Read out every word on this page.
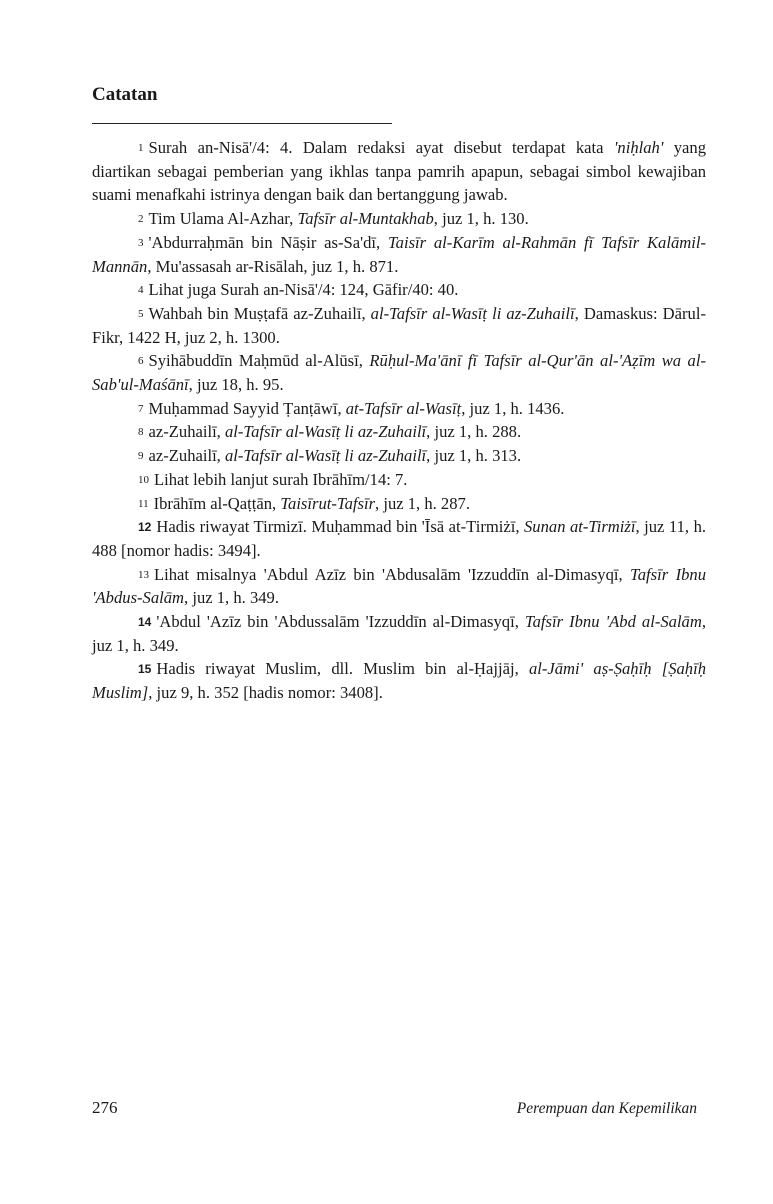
Catatan

$^1$ Surah an-Nisā'/4: 4. Dalam redaksi ayat disebut terdapat kata 'niḥlah' yang diartikan sebagai pemberian yang ikhlas tanpa pamrih apapun, sebagai simbol kewajiban suami menafkahi istrinya dengan baik dan bertanggung jawab.

$^2$ Tim Ulama Al-Azhar, Tafsīr al-Muntakhab, juz 1, h. 130.

$^3$ 'Abdurraḥmān bin Nāṣir as-Sa'dī, Taisīr al-Karīm al-Rahmān fī Tafsīr Kalāmil-Mannān, Mu'assasah ar-Risālah, juz 1, h. 871.

$^4$ Lihat juga Surah an-Nisā'/4: 124, Gāfir/40: 40.

$^5$ Wahbah bin Muṣṭafā az-Zuhailī, al-Tafsīr al-Wasīṭ li az-Zuhailī, Damaskus: Dārul-Fikr, 1422 H, juz 2, h. 1300.

$^6$ Syihābuddīn Maḥmūd al-Alūsī, Rūḥul-Ma'ānī fī Tafsīr al-Qur'ān al-'Aẓīm wa al-Sab'ul-Maśānī, juz 18, h. 95.

$^7$ Muḥammad Sayyid Ṭanṭāwī, at-Tafsīr al-Wasīṭ, juz 1, h. 1436.

$^8$ az-Zuhailī, al-Tafsīr al-Wasīṭ li az-Zuhailī, juz 1, h. 288.

$^9$ az-Zuhailī, al-Tafsīr al-Wasīṭ li az-Zuhailī, juz 1, h. 313.

$^{10}$ Lihat lebih lanjut surah Ibrāhīm/14: 7.

$^{11}$ Ibrāhīm al-Qaṭṭān, Taisīrut-Tafsīr, juz 1, h. 287.

$^{12}$ Hadis riwayat Tirmizī. Muḥammad bin 'Īsā at-Tirmiżī, Sunan at-Tirmiżī, juz 11, h. 488 [nomor hadis: 3494].

$^{13}$ Lihat misalnya 'Abdul Azīz bin 'Abdusalām 'Izzuddīn al-Dimasyqī, Tafsīr Ibnu 'Abdus-Salām, juz 1, h. 349.

$^{14}$ 'Abdul 'Azīz bin 'Abdussalām 'Izzuddīn al-Dimasyqī, Tafsīr Ibnu 'Abd al-Salām, juz 1, h. 349.

$^{15}$ Hadis riwayat Muslim, dll. Muslim bin al-Ḥajjāj, al-Jāmi' aṣ-Ṣaḥīḥ [Ṣaḥīḥ Muslim], juz 9, h. 352 [hadis nomor: 3408].

276	Perempuan dan Kepemilikan
